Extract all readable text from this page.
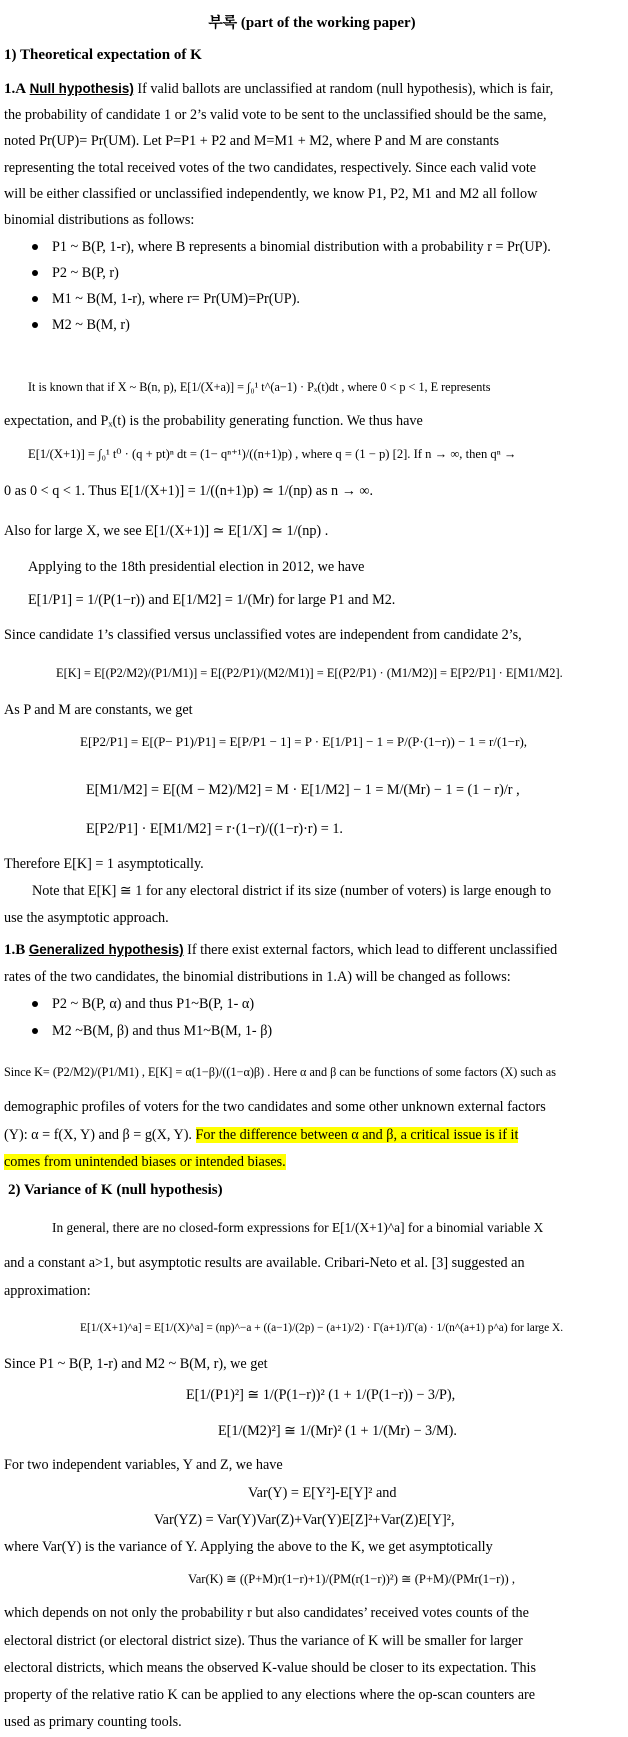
부록 (part of the working paper)
1) Theoretical expectation of K
1.A Null hypothesis) If valid ballots are unclassified at random (null hypothesis), which is fair,
the probability of candidate 1 or 2’s valid vote to be sent to the unclassified should be the same,
noted Pr(UP)= Pr(UM). Let P=P1 + P2 and M=M1 + M2, where P and M are constants
representing the total received votes of the two candidates, respectively. Since each valid vote
will be either classified or unclassified independently, we know P1, P2, M1 and M2 all follow
binomial distributions as follows:
P1 ~ B(P, 1-r), where B represents a binomial distribution with a probability r = Pr(UP).
P2 ~ B(P, r)
M1 ~ B(M, 1-r), where r= Pr(UM)=Pr(UP).
M2 ~ B(M, r)
It is known that if X ~ B(n, p), E[1/(X+a)] = ∫₀¹ t^(a−1) · Pₓ(t)dt , where 0 < p < 1, E represents
expectation, and Pₓ(t) is the probability generating function. We thus have
E[1/(X+1)] = ∫₀¹ t⁰ · (q + pt)ⁿ dt = (1− qⁿ⁺¹)/((n+1)p) , where q = (1 − p) [2]. If n → ∞, then qⁿ →
0 as 0 < q < 1. Thus E[1/(X+1)] = 1/((n+1)p) ≃ 1/(np) as n → ∞.
Also for large X, we see E[1/(X+1)] ≃ E[1/X] ≃ 1/(np) .
Applying to the 18th presidential election in 2012, we have
E[1/P1] = 1/(P(1−r)) and E[1/M2] = 1/(Mr) for large P1 and M2.
Since candidate 1’s classified versus unclassified votes are independent from candidate 2’s,
E[K] = E[(P2/M2)/(P1/M1)] = E[(P2/P1)/(M2/M1)] = E[(P2/P1) · (M1/M2)] = E[P2/P1] · E[M1/M2].
As P and M are constants, we get
E[P2/P1] = E[(P− P1)/P1] = E[P/P1 − 1] = P · E[1/P1] − 1 = P/(P·(1−r)) − 1 = r/(1−r),
E[M1/M2] = E[(M − M2)/M2] = M · E[1/M2] − 1 = M/(Mr) − 1 = (1 − r)/r ,
E[P2/P1] · E[M1/M2] = r·(1−r)/((1−r)·r) = 1.
Therefore E[K] = 1 asymptotically.
Note that E[K] ≅ 1 for any electoral district if its size (number of voters) is large enough to
use the asymptotic approach.
1.B Generalized hypothesis) If there exist external factors, which lead to different unclassified
rates of the two candidates, the binomial distributions in 1.A) will be changed as follows:
P2 ~ B(P, α) and thus P1~B(P, 1- α)
M2 ~B(M, β) and thus M1~B(M, 1- β)
Since K= (P2/M2)/(P1/M1) , E[K] = α(1−β)/((1−α)β) . Here α and β can be functions of some factors (X) such as
demographic profiles of voters for the two candidates and some other unknown external factors
(Y): α = f(X, Y) and β = g(X, Y). For the difference between α and β, a critical issue is if it
comes from unintended biases or intended biases.
2) Variance of K (null hypothesis)
In general, there are no closed-form expressions for E[1/(X+1)^a] for a binomial variable X
and a constant a>1, but asymptotic results are available. Cribari-Neto et al. [3] suggested an
approximation:
E[1/(X+1)^a] = E[1/(X)^a] = (np)^−a + ((a−1)/(2p) − (a+1)/2) · Γ(a+1)/Γ(a) · 1/(n^(a+1) p^a) for large X.
Since P1 ~ B(P, 1-r) and M2 ~ B(M, r), we get
E[1/(P1)²] ≅ 1/(P(1−r))² (1 + 1/(P(1−r)) − 3/P),
E[1/(M2)²] ≅ 1/(Mr)² (1 + 1/(Mr) − 3/M).
For two independent variables, Y and Z, we have
Var(Y) = E[Y²]-E[Y]² and
Var(YZ) = Var(Y)Var(Z)+Var(Y)E[Z]²+Var(Z)E[Y]²,
where Var(Y) is the variance of Y. Applying the above to the K, we get asymptotically
Var(K) ≅ ((P+M)r(1−r)+1)/(PM(r(1−r))²) ≅ (P+M)/(PMr(1−r)) ,
which depends on not only the probability r but also candidates’ received votes counts of the
electoral district (or electoral district size). Thus the variance of K will be smaller for larger
electoral districts, which means the observed K-value should be closer to its expectation. This
property of the relative ratio K can be applied to any elections where the op-scan counters are
used as primary counting tools.
